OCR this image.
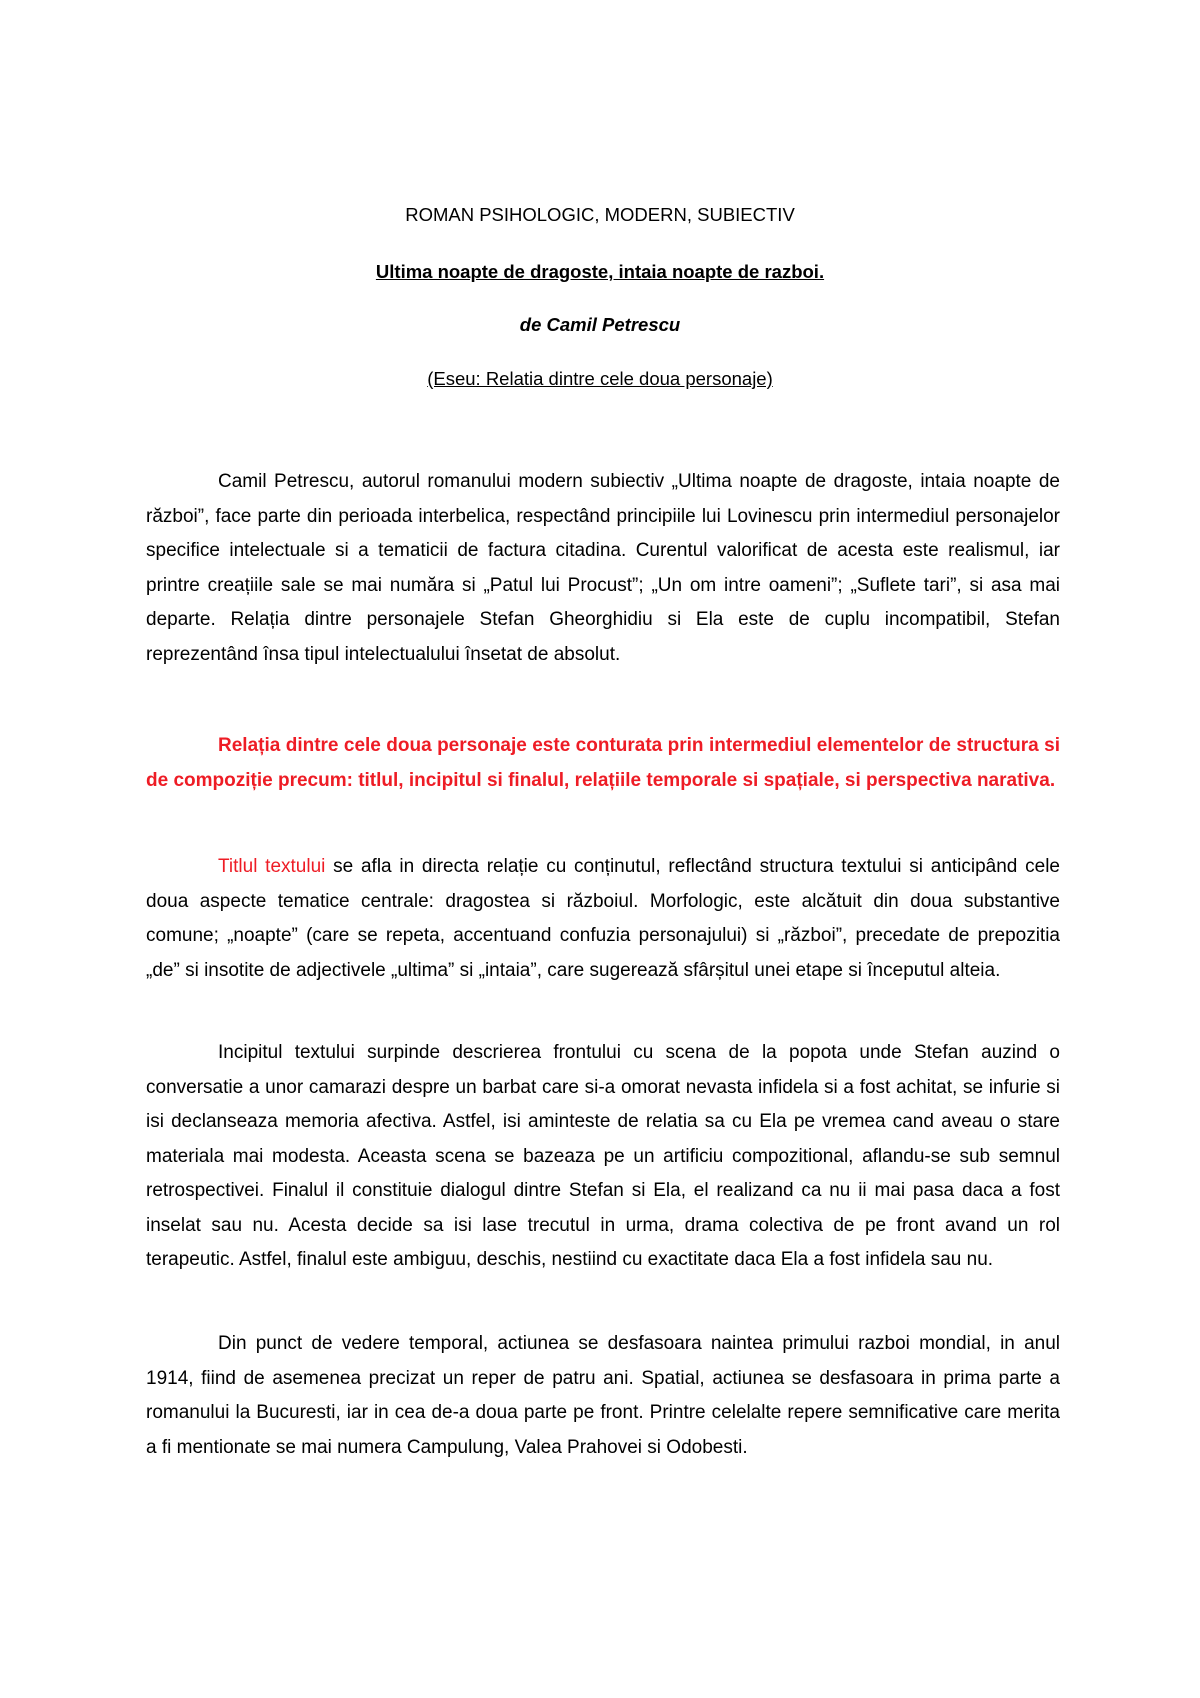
ROMAN PSIHOLOGIC, MODERN, SUBIECTIV
Ultima noapte de dragoste, intaia noapte de razboi.
de Camil Petrescu
(Eseu: Relatia dintre cele doua personaje)

Camil Petrescu, autorul romanului modern subiectiv „Ultima noapte de dragoste, intaia noapte de război”, face parte din perioada interbelica, respectând principiile lui Lovinescu prin intermediul personajelor specifice intelectuale si a tematicii de factura citadina. Curentul valorificat de acesta este realismul, iar printre creațiile sale se mai număra si „Patul lui Procust”; „Un om intre oameni”; „Suflete tari”, si asa mai departe. Relația dintre personajele Stefan Gheorghidiu si Ela este de cuplu incompatibil, Stefan reprezentând însa tipul intelectualului însetat de absolut.

Relația dintre cele doua personaje este conturata prin intermediul elementelor de structura si de compoziție precum: titlul, incipitul si finalul, relațiile temporale si spațiale, si perspectiva narativa.

Titlul textului se afla in directa relație cu conținutul, reflectând structura textului si anticipând cele doua aspecte tematice centrale: dragostea si războiul. Morfologic, este alcătuit din doua substantive comune; „noapte” (care se repeta, accentuand confuzia personajului) si „război”, precedate de prepozitia „de” si insotite de adjectivele „ultima” si „intaia”, care sugerează sfârșitul unei etape si începutul alteia.

Incipitul textului surpinde descrierea frontului cu scena de la popota unde Stefan auzind o conversatie a unor camarazi despre un barbat care si-a omorat nevasta infidela si a fost achitat, se infurie si isi declanseaza memoria afectiva. Astfel, isi aminteste de relatia sa cu Ela pe vremea cand aveau o stare materiala mai modesta. Aceasta scena se bazeaza pe un artificiu compozitional, aflandu-se sub semnul retrospectivei. Finalul il constituie dialogul dintre Stefan si Ela, el realizand ca nu ii mai pasa daca a fost inselat sau nu. Acesta decide sa isi lase trecutul in urma, drama colectiva de pe front avand un rol terapeutic. Astfel, finalul este ambiguu, deschis, nestiind cu exactitate daca Ela a fost infidela sau nu.

Din punct de vedere temporal, actiunea se desfasoara naintea primului razboi mondial, in anul 1914, fiind de asemenea precizat un reper de patru ani. Spatial, actiunea se desfasoara in prima parte a romanului la Bucuresti, iar in cea de-a doua parte pe front. Printre celelalte repere semnificative care merita a fi mentionate se mai numera Campulung, Valea Prahovei si Odobesti.
